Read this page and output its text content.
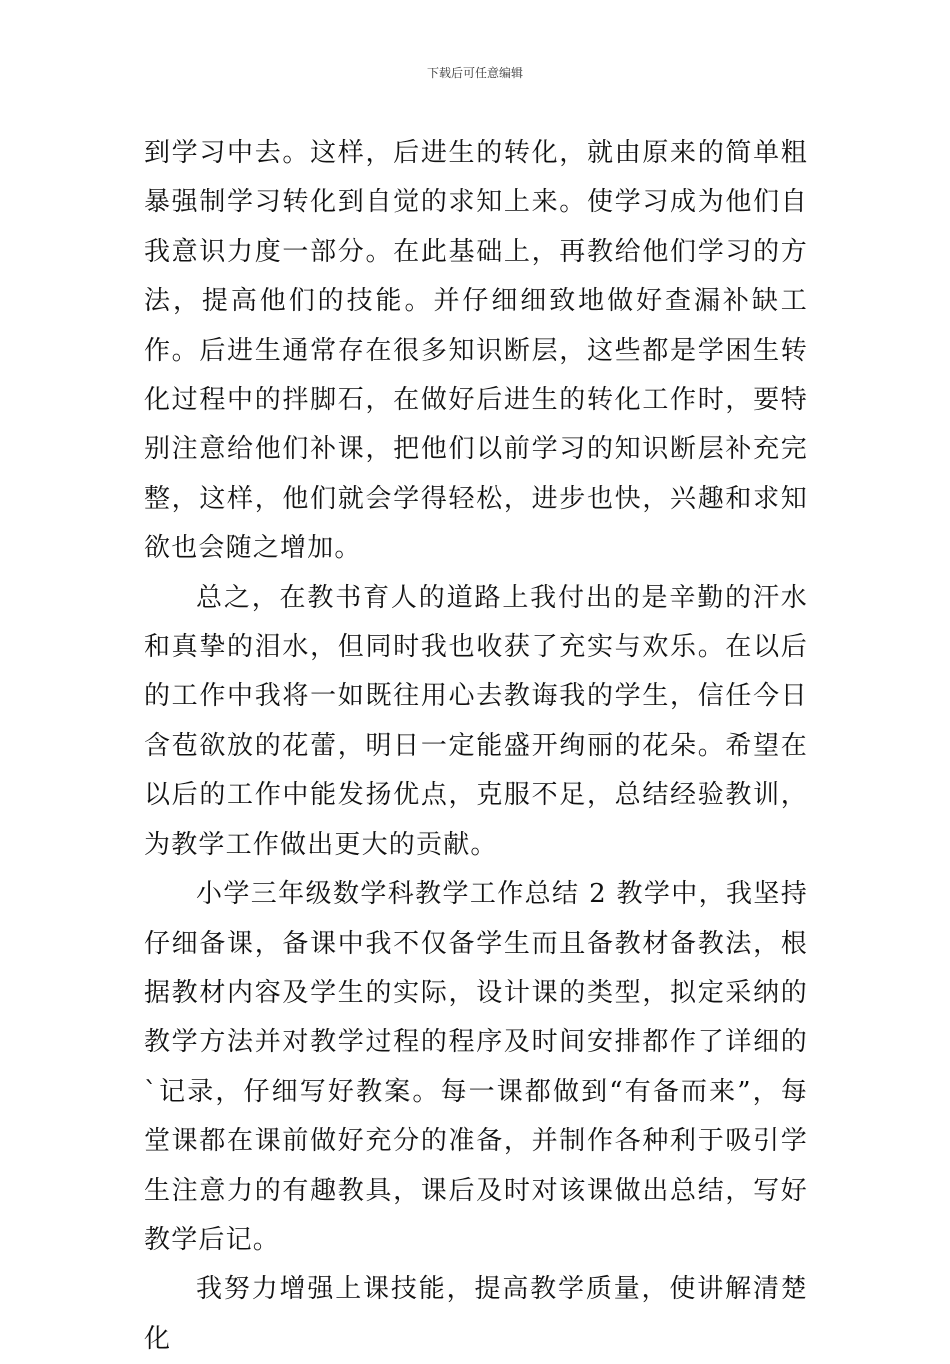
下载后可任意编辑

到学习中去。这样，后进生的转化，就由原来的简单粗暴强制学习转化到自觉的求知上来。使学习成为他们自我意识力度一部分。在此基础上，再教给他们学习的方法，提高他们的技能。并仔细细致地做好查漏补缺工作。后进生通常存在很多知识断层，这些都是学困生转化过程中的拌脚石，在做好后进生的转化工作时，要特别注意给他们补课，把他们以前学习的知识断层补充完整，这样，他们就会学得轻松，进步也快，兴趣和求知欲也会随之增加。

总之，在教书育人的道路上我付出的是辛勤的汗水和真挚的泪水，但同时我也收获了充实与欢乐。在以后的工作中我将一如既往用心去教诲我的学生，信任今日含苞欲放的花蕾，明日一定能盛开绚丽的花朵。希望在以后的工作中能发扬优点，克服不足，总结经验教训，为教学工作做出更大的贡献。

小学三年级数学科教学工作总结 2 教学中，我坚持仔细备课，备课中我不仅备学生而且备教材备教法，根据教材内容及学生的实际，设计课的类型，拟定采纳的教学方法并对教学过程的程序及时间安排都作了详细的`记录，仔细写好教案。每一课都做到“有备而来”，每堂课都在课前做好充分的准备，并制作各种利于吸引学生注意力的有趣教具，课后及时对该课做出总结，写好教学后记。

我努力增强上课技能，提高教学质量，使讲解清楚化
